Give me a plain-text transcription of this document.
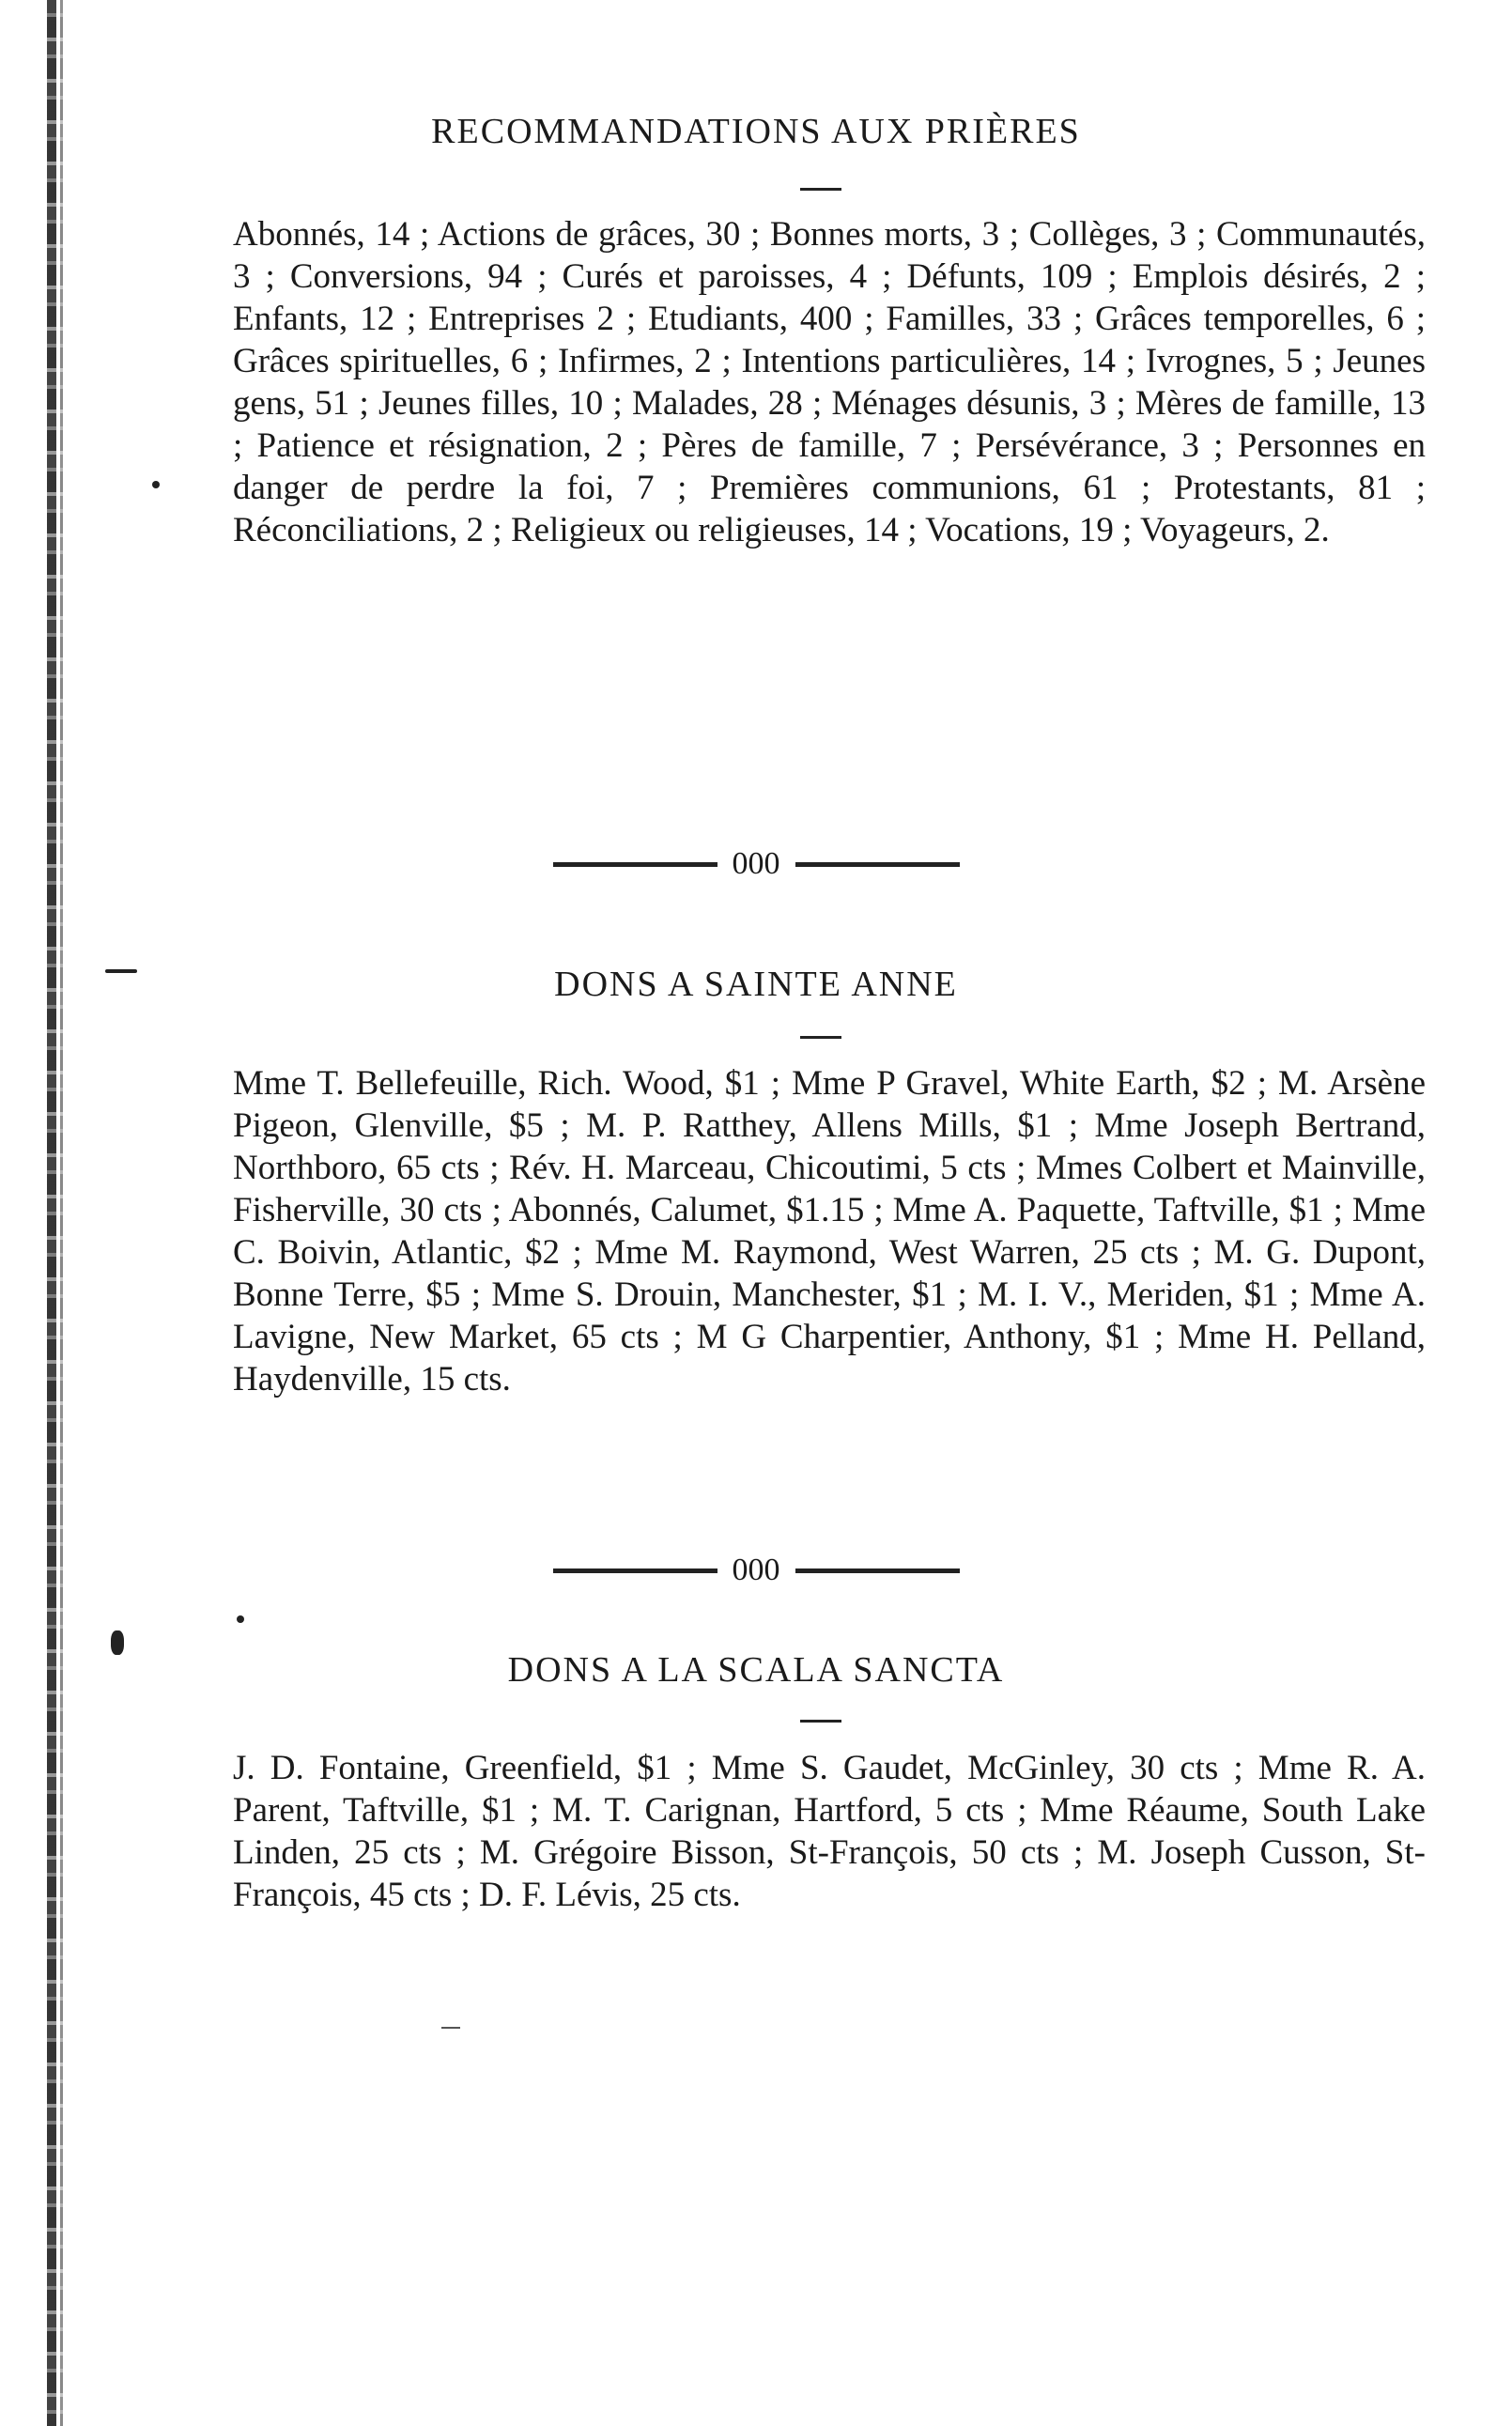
RECOMMANDATIONS AUX PRIÈRES
Abonnés, 14 ; Actions de grâces, 30 ; Bonnes morts, 3 ; Collèges, 3 ; Communautés, 3 ; Conversions, 94 ; Curés et paroisses, 4 ; Défunts, 109 ; Emplois désirés, 2 ; Enfants, 12 ; Entreprises 2 ; Etudiants, 400 ; Familles, 33 ; Grâces temporelles, 6 ; Grâces spirituelles, 6 ; Infirmes, 2 ; Intentions particulières, 14 ; Ivrognes, 5 ; Jeunes gens, 51 ; Jeunes filles, 10 ; Malades, 28 ; Ménages désunis, 3 ; Mères de famille, 13 ; Patience et résignation, 2 ; Pères de famille, 7 ; Persévérance, 3 ; Personnes en danger de perdre la foi, 7 ; Premières communions, 61 ; Protestants, 81 ; Réconciliations, 2 ; Religieux ou religieuses, 14 ; Vocations, 19 ; Voyageurs, 2.
000
DONS A SAINTE ANNE
Mme T. Bellefeuille, Rich. Wood, $1 ; Mme P Gravel, White Earth, $2 ; M. Arsène Pigeon, Glenville, $5 ; M. P. Ratthey, Allens Mills, $1 ; Mme Joseph Bertrand, Northboro, 65 cts ; Rév. H. Marceau, Chicoutimi, 5 cts ; Mmes Colbert et Mainville, Fisherville, 30 cts ; Abonnés, Calumet, $1.15 ; Mme A. Paquette, Taftville, $1 ; Mme C. Boivin, Atlantic, $2 ; Mme M. Raymond, West Warren, 25 cts ; M. G. Dupont, Bonne Terre, $5 ; Mme S. Drouin, Manchester, $1 ; M. I. V., Meriden, $1 ; Mme A. Lavigne, New Market, 65 cts ; M G Charpentier, Anthony, $1 ; Mme H. Pelland, Haydenville, 15 cts.
000
DONS A LA SCALA SANCTA
J. D. Fontaine, Greenfield, $1 ; Mme S. Gaudet, McGinley, 30 cts ; Mme R. A. Parent, Taftville, $1 ; M. T. Carignan, Hartford, 5 cts ; Mme Réaume, South Lake Linden, 25 cts ; M. Grégoire Bisson, St-François, 50 cts ; M. Joseph Cusson, St-François, 45 cts ; D. F. Lévis, 25 cts.
